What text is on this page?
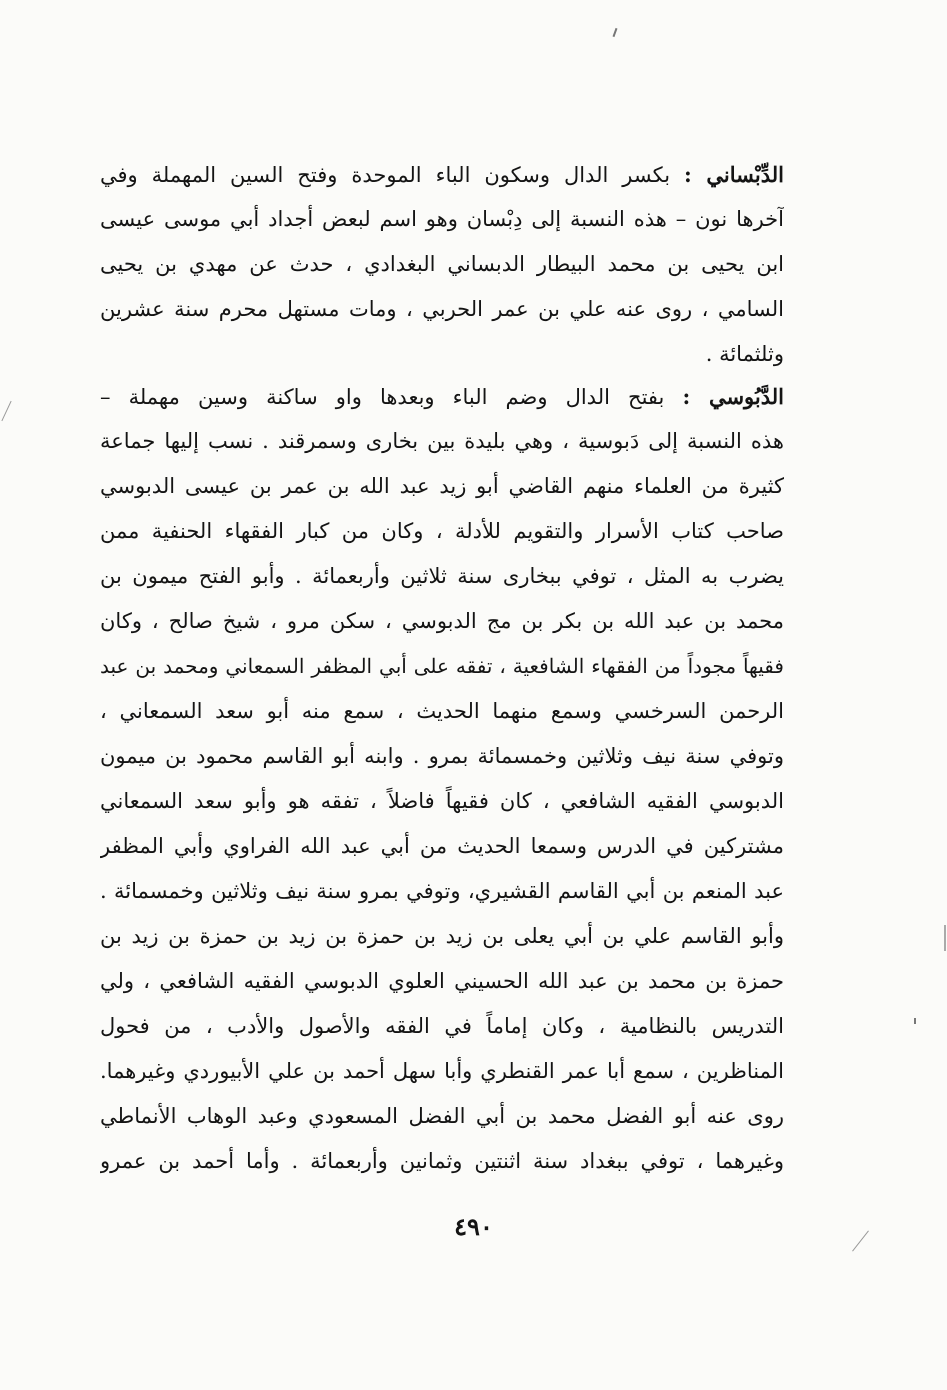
الدِّبْساني : بكسر الدال وسكون الباء الموحدة وفتح السين المهملة وفي
آخرها نون – هذه النسبة إلى دِبْسان وهو اسم لبعض أجداد أبي موسى عيسى
ابن يحيى بن محمد البيطار الدبساني البغدادي ، حدث عن مهدي بن يحيى
السامي ، روى عنه علي بن عمر الحربي ، ومات مستهل محرم سنة عشرين
وثلثمائة .
الدَّبُوسي : بفتح الدال وضم الباء وبعدها واو ساكنة وسين مهملة –
هذه النسبة إلى دَبوسية ، وهي بليدة بين بخارى وسمرقند . نسب إليها جماعة
كثيرة من العلماء منهم القاضي أبو زيد عبد الله بن عمر بن عيسى الدبوسي
صاحب كتاب الأسرار والتقويم للأدلة ، وكان من كبار الفقهاء الحنفية ممن
يضرب به المثل ، توفي ببخارى سنة ثلاثين وأربعمائة . وأبو الفتح ميمون بن
محمد بن عبد الله بن بكر بن مج الدبوسي ، سكن مرو ، شيخ صالح ، وكان
فقيهاً مجوداً من الفقهاء الشافعية ، تفقه على أبي المظفر السمعاني ومحمد بن عبد
الرحمن السرخسي وسمع منهما الحديث ، سمع منه أبو سعد السمعاني ،
وتوفي سنة نيف وثلاثين وخمسمائة بمرو . وابنه أبو القاسم محمود بن ميمون
الدبوسي الفقيه الشافعي ، كان فقيهاً فاضلاً ، تفقه هو وأبو سعد السمعاني
مشتركين في الدرس وسمعا الحديث من أبي عبد الله الفراوي وأبي المظفر
عبد المنعم بن أبي القاسم القشيري، وتوفي بمرو سنة نيف وثلاثين وخمسمائة .
وأبو القاسم علي بن أبي يعلى بن زيد بن حمزة بن زيد بن حمزة بن زيد بن
حمزة بن محمد بن عبد الله الحسيني العلوي الدبوسي الفقيه الشافعي ، ولي
التدريس بالنظامية ، وكان إماماً في الفقه والأصول والأدب ، من فحول
المناظرين ، سمع أبا عمر القنطري وأبا سهل أحمد بن علي الأبيوردي وغيرهما.
روى عنه أبو الفضل محمد بن أبي الفضل المسعودي وعبد الوهاب الأنماطي
وغيرهما ، توفي ببغداد سنة اثنتين وثمانين وأربعمائة . وأما أحمد بن عمرو
٤٩٠
